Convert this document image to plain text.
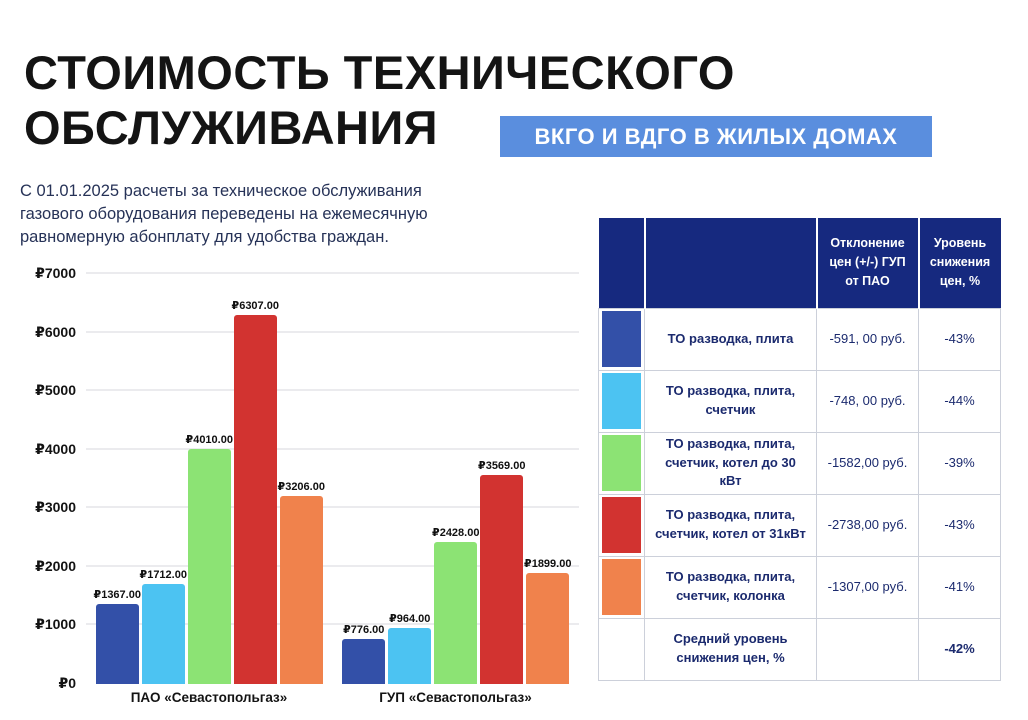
СТОИМОСТЬ ТЕХНИЧЕСКОГО
ОБСЛУЖИВАНИЯ	ВКГО И ВДГО В ЖИЛЫХ ДОМАХ
С 01.01.2025 расчеты за техническое обслуживания газового оборудования переведены на ежемесячную равномерную абонплату для удобства граждан.
₽1367.00
₽1712.00
₽4010.00
₽6307.00
₽3206.00
₽776.00
₽964.00
₽2428.00
₽3569.00
₽1899.00
₽7000
₽6000
₽5000
₽4000
₽3000
₽2000
₽1000
₽0
ПАО «Севастопольгаз»	ГУП «Севастопольгаз»
		Отклонение цен (+/-) ГУП от ПАО	Уровень снижения цен, %

	ТО разводка, плита	-591, 00 руб.	-43%

	ТО разводка, плита, счетчик	-748, 00 руб.	-44%

	ТО разводка, плита, счетчик, котел до 30 кВт	-1582,00 руб.	-39%

	ТО разводка, плита, счетчик, котел от 31кВт	-2738,00 руб.	-43%

	ТО разводка, плита, счетчик, колонка	-1307,00 руб.	-41%
	Средний уровень снижения цен, %		-42%
